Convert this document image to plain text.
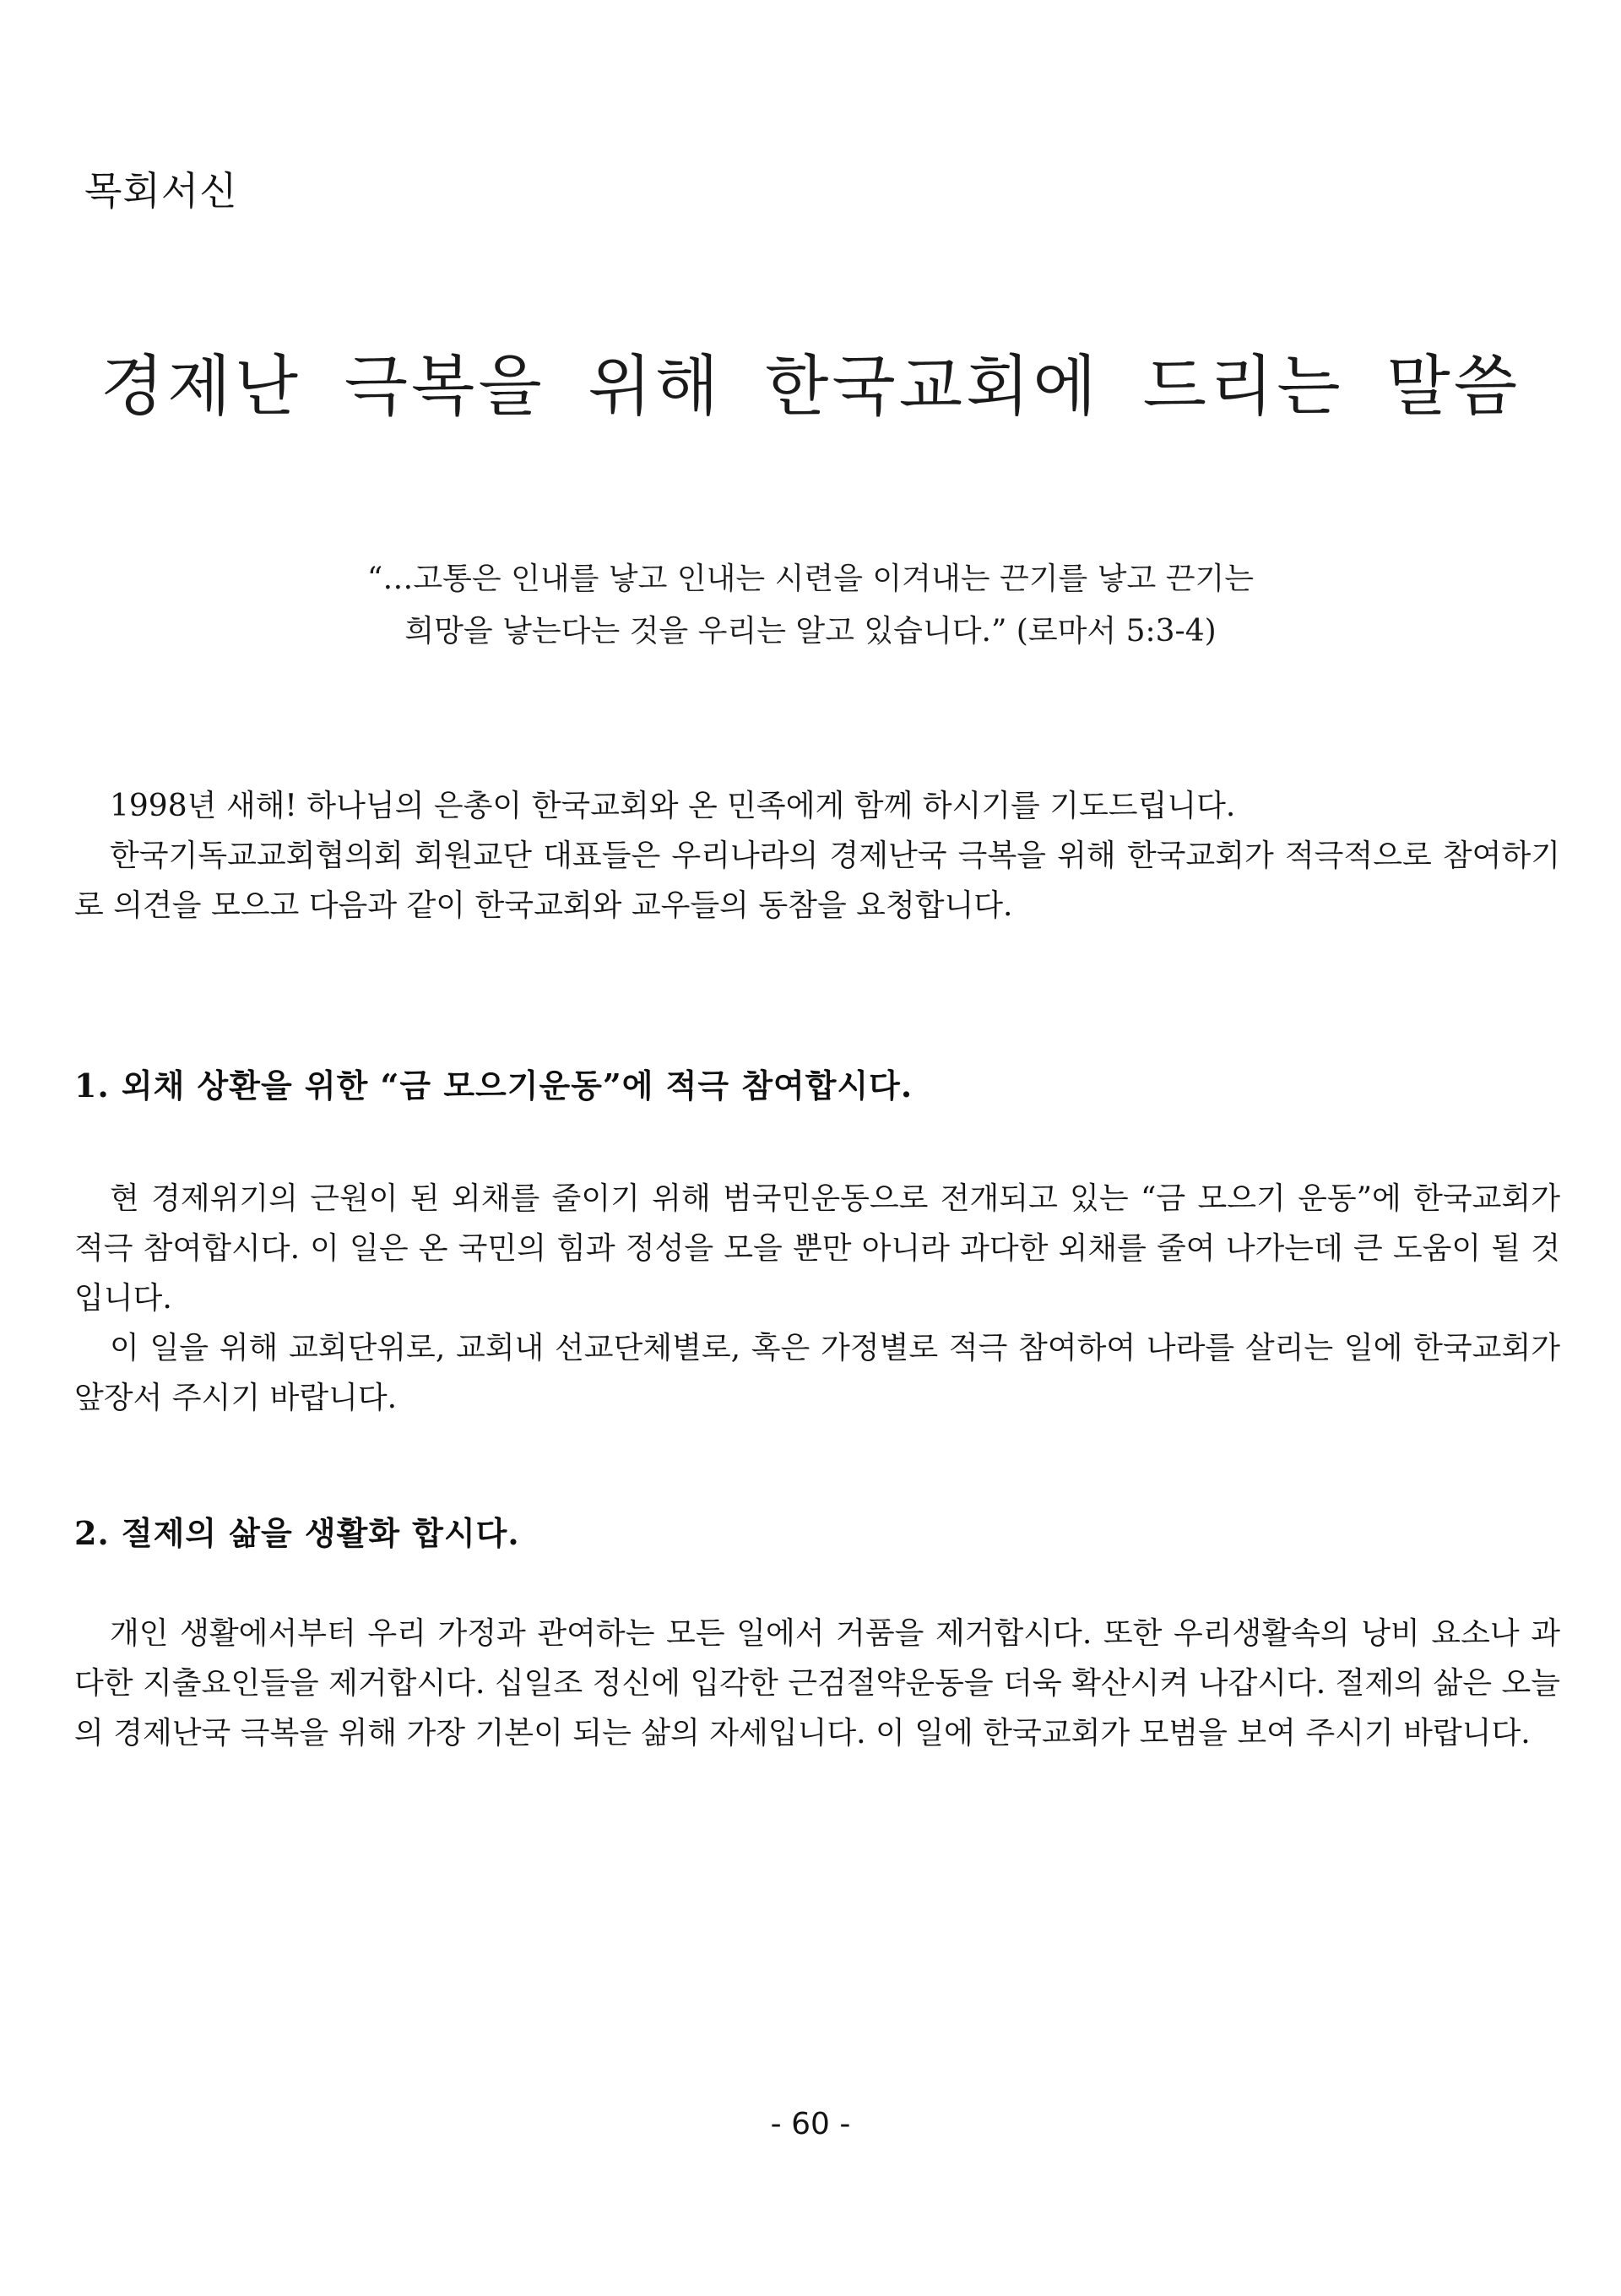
목회서신
경제난 극복을 위해 한국교회에 드리는 말씀
“…고통은 인내를 낳고 인내는 시련을 이겨내는 끈기를 낳고 끈기는
희망을 낳는다는 것을 우리는 알고 있습니다.” (로마서 5:3-4)

1998년 새해! 하나님의 은총이 한국교회와 온 민족에게 함께 하시기를 기도드립니다.

한국기독교교회협의회 회원교단 대표들은 우리나라의 경제난국 극복을 위해 한국교회가 적극적으로 참여하기로 의견을 모으고 다음과 같이 한국교회와 교우들의 동참을 요청합니다.

1. 외채 상환을 위한 “금 모으기운동”에 적극 참여합시다.

현 경제위기의 근원이 된 외채를 줄이기 위해 범국민운동으로 전개되고 있는 “금 모으기 운동”에 한국교회가 적극 참여합시다. 이 일은 온 국민의 힘과 정성을 모을 뿐만 아니라 과다한 외채를 줄여 나가는데 큰 도움이 될 것입니다.

이 일을 위해 교회단위로, 교회내 선교단체별로, 혹은 가정별로 적극 참여하여 나라를 살리는 일에 한국교회가 앞장서 주시기 바랍니다.

2. 절제의 삶을 생활화 합시다.

개인 생활에서부터 우리 가정과 관여하는 모든 일에서 거품을 제거합시다. 또한 우리생활속의 낭비 요소나 과다한 지출요인들을 제거합시다. 십일조 정신에 입각한 근검절약운동을 더욱 확산시켜 나갑시다. 절제의 삶은 오늘의 경제난국 극복을 위해 가장 기본이 되는 삶의 자세입니다. 이 일에 한국교회가 모범을 보여 주시기 바랍니다.

- 60 -
